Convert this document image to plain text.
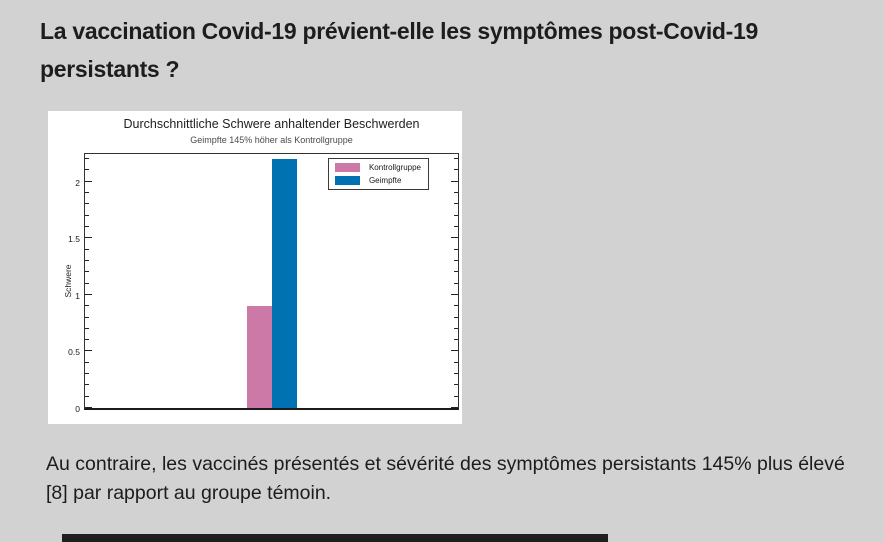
La vaccination Covid-19 prévient-elle les symptômes post-Covid-19 persistants ?
Durchschnittliche Schwere anhaltender Beschwerden
Geimpfte 145% höher als Kontrollgruppe
Schwere
Kontrollgruppe
Geimpfte
0
0.5
1
1.5
2

Au contraire, les vaccinés présentés et sévérité des symptômes persistants 145% plus élevé [8] par rapport au groupe témoin.
